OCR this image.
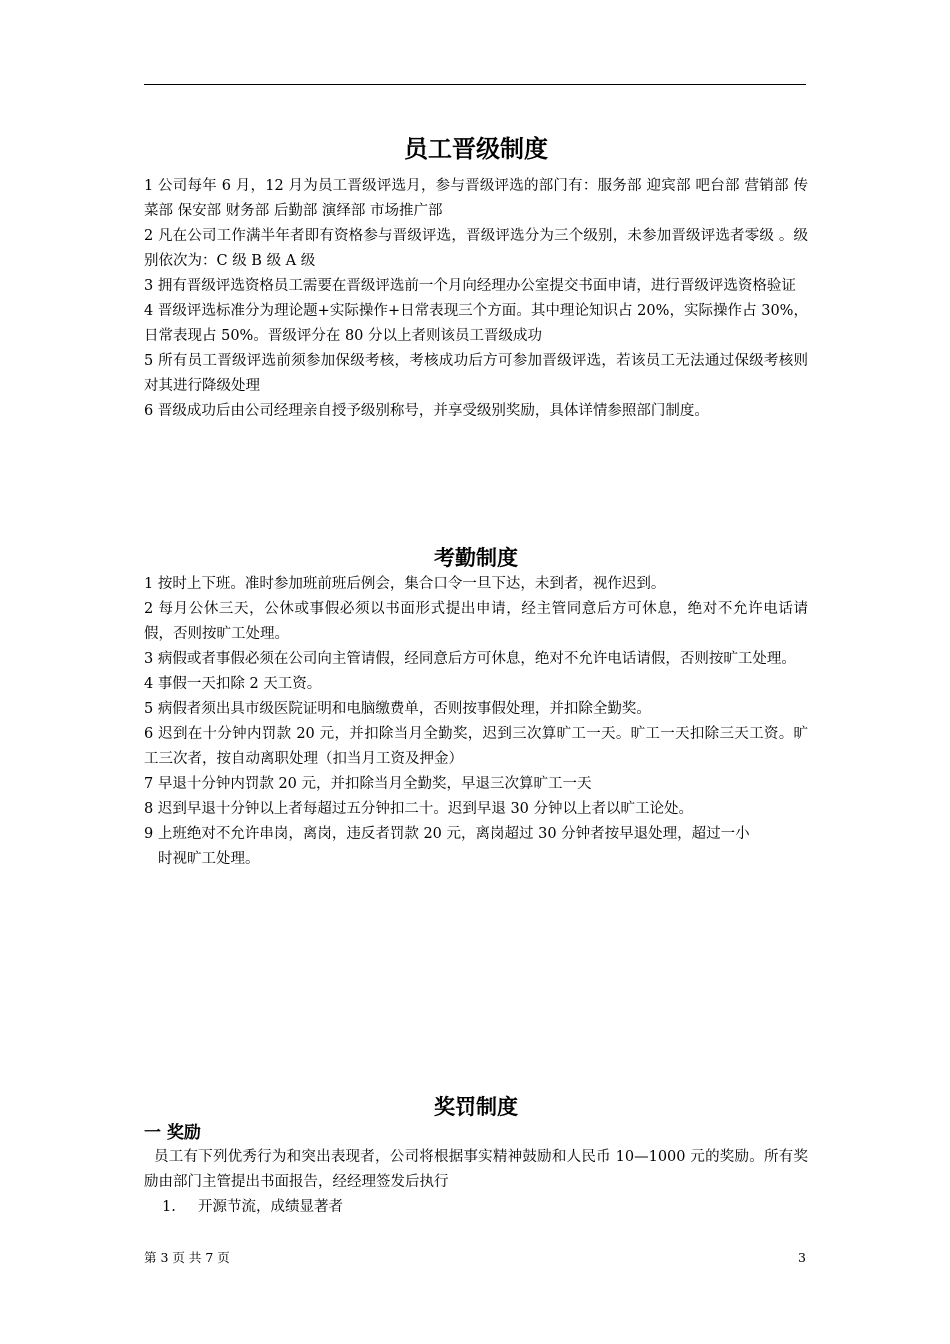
员工晋级制度

1 公司每年 6 月，12 月为员工晋级评选月，参与晋级评选的部门有：服务部 迎宾部 吧台部 营销部 传菜部 保安部 财务部 后勤部 演绎部 市场推广部

2 凡在公司工作满半年者即有资格参与晋级评选，晋级评选分为三个级别，未参加晋级评选者零级 。级别依次为：C 级 B 级 A 级

3 拥有晋级评选资格员工需要在晋级评选前一个月向经理办公室提交书面申请，进行晋级评选资格验证

4 晋级评选标准分为理论题+实际操作+日常表现三个方面。其中理论知识占 20%，实际操作占 30%，日常表现占 50%。晋级评分在 80 分以上者则该员工晋级成功

5 所有员工晋级评选前须参加保级考核，考核成功后方可参加晋级评选，若该员工无法通过保级考核则对其进行降级处理

6 晋级成功后由公司经理亲自授予级别称号，并享受级别奖励，具体详情参照部门制度。

考勤制度

1 按时上下班。准时参加班前班后例会，集合口令一旦下达，未到者，视作迟到。

2 每月公休三天，公休或事假必须以书面形式提出申请，经主管同意后方可休息，绝对不允许电话请假，否则按旷工处理。

3 病假或者事假必须在公司向主管请假，经同意后方可休息，绝对不允许电话请假，否则按旷工处理。

4 事假一天扣除 2 天工资。

5 病假者须出具市级医院证明和电脑缴费单，否则按事假处理，并扣除全勤奖。

6 迟到在十分钟内罚款 20 元，并扣除当月全勤奖，迟到三次算旷工一天。旷工一天扣除三天工资。旷工三次者，按自动离职处理（扣当月工资及押金）

7 早退十分钟内罚款 20 元，并扣除当月全勤奖，早退三次算旷工一天

8 迟到早退十分钟以上者每超过五分钟扣二十。迟到早退 30 分钟以上者以旷工论处。

9 上班绝对不允许串岗，离岗，违反者罚款 20 元，离岗超过 30 分钟者按早退处理，超过一小
时视旷工处理。

奖罚制度

一 奖励

员工有下列优秀行为和突出表现者，公司将根据事实精神鼓励和人民币 10—1000 元的奖励。所有奖励由部门主管提出书面报告，经经理签发后执行

1. 开源节流，成绩显著者
第 3 页 共 7 页	3
